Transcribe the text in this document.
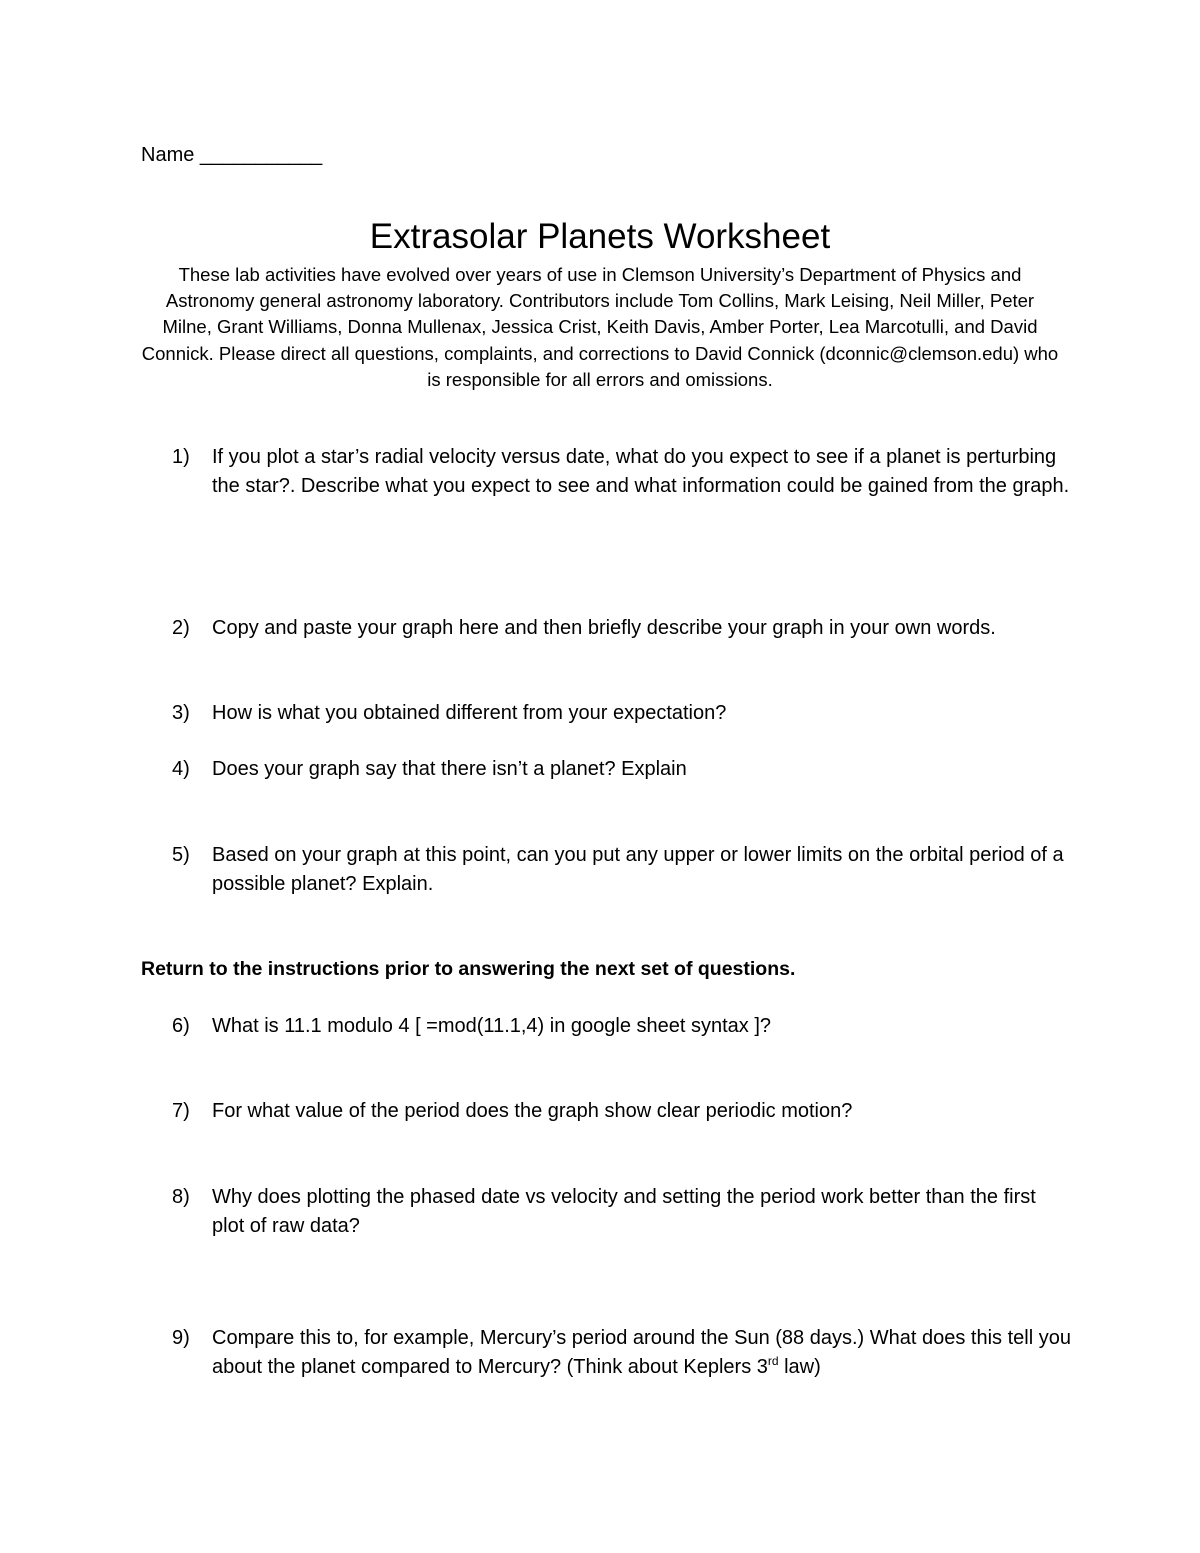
Name ___________
Extrasolar Planets Worksheet

These lab activities have evolved over years of use in Clemson University’s Department of Physics and Astronomy general astronomy laboratory. Contributors include Tom Collins, Mark Leising, Neil Miller, Peter Milne, Grant Williams, Donna Mullenax, Jessica Crist, Keith Davis, Amber Porter, Lea Marcotulli, and David Connick. Please direct all questions, complaints, and corrections to David Connick (dconnic@clemson.edu) who is responsible for all errors and omissions.

1)	If you plot a star’s radial velocity versus date, what do you expect to see if a planet is perturbing the star?. Describe what you expect to see and what information could be gained from the graph.
2)	Copy and paste your graph here and then briefly describe your graph in your own words.
3)	How is what you obtained different from your expectation?
4)	Does your graph say that there isn’t a planet? Explain
5)	Based on your graph at this point, can you put any upper or lower limits on the orbital period of a possible planet? Explain.
Return to the instructions prior to answering the next set of questions.
6)	What is 11.1 modulo 4 [ =mod(11.1,4) in google sheet syntax ]?
7)	For what value of the period does the graph show clear periodic motion?
8)	Why does plotting the phased date vs velocity and setting the period work better than the first plot of raw data?
9)	Compare this to, for example, Mercury’s period around the Sun (88 days.) What does this tell you about the planet compared to Mercury? (Think about Keplers 3rd law)
